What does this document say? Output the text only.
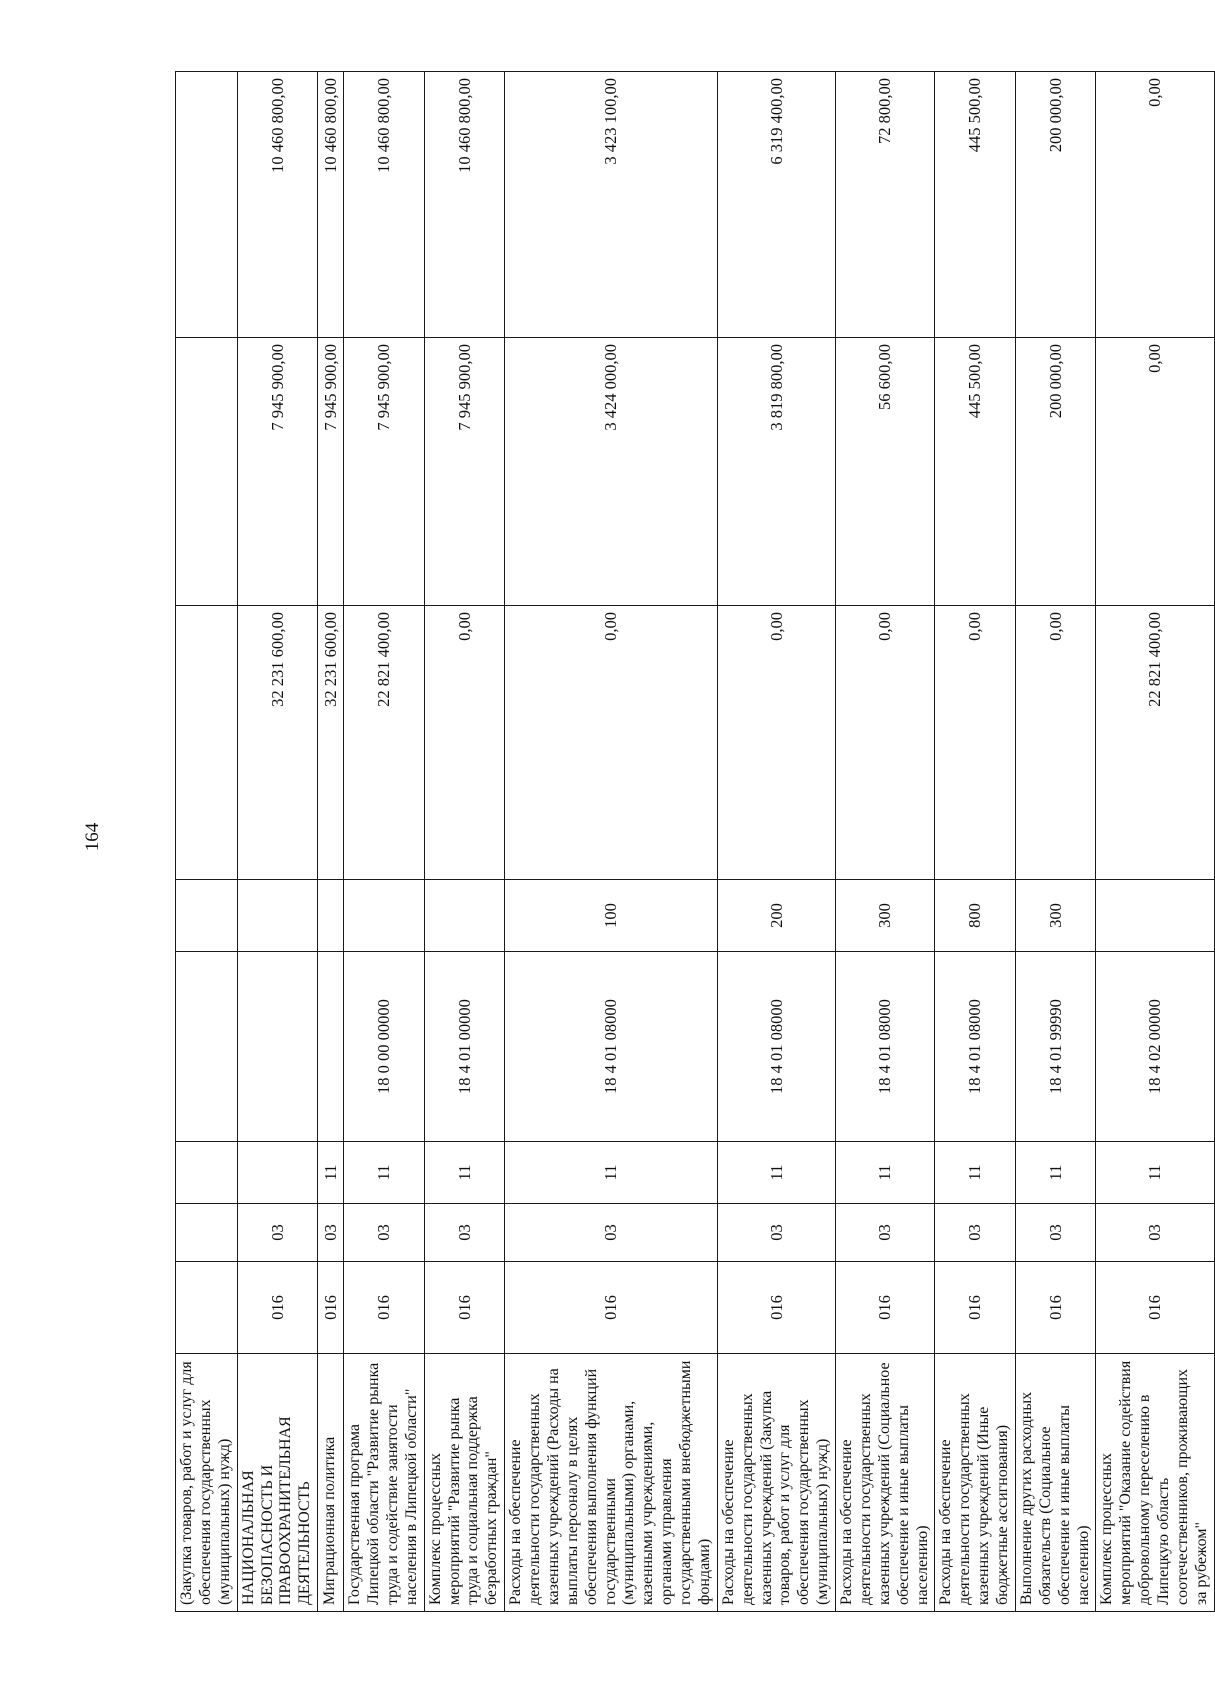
164
(Закупка товаров, работ и услуг для обеспечения государственных (муниципальных) нужд)								
НАЦИОНАЛЬНАЯ БЕЗОПАСНОСТЬ И ПРАВООХРАНИТЕЛЬНАЯ ДЕЯТЕЛЬНОСТЬ	016	03				32 231 600,00	7 945 900,00	10 460 800,00
Миграционная политика	016	03	11			32 231 600,00	7 945 900,00	10 460 800,00
Государственная програма Липецкой области "Развитие рынка труда и содействие занятости населения в Липецкой области"	016	03	11	18 0 00 00000		22 821 400,00	7 945 900,00	10 460 800,00
Комплекс процессных мероприятий "Развитие рынка труда и социальная поддержка безработных граждан"	016	03	11	18 4 01 00000		0,00	7 945 900,00	10 460 800,00
Расходы на обеспечение деятельности государственных казенных учреждений (Расходы на выплаты персоналу в целях обеспечения выполнения функций государственными (муниципальными) органами, казенными учреждениями, органами управления государственными внебюджетными фондами)	016	03	11	18 4 01 08000	100	0,00	3 424 000,00	3 423 100,00
Расходы на обеспечение деятельности государственных казенных учреждений (Закупка товаров, работ и услуг для обеспечения государственных (муниципальных) нужд)	016	03	11	18 4 01 08000	200	0,00	3 819 800,00	6 319 400,00
Расходы на обеспечение деятельности государственных казенных учреждений (Социальное обеспечение и иные выплаты населению)	016	03	11	18 4 01 08000	300	0,00	56 600,00	72 800,00
Расходы на обеспечение деятельности государственных казенных учреждений (Иные бюджетные ассигнования)	016	03	11	18 4 01 08000	800	0,00	445 500,00	445 500,00
Выполнение других расходных обязательств (Социальное обеспечение и иные выплаты населению)	016	03	11	18 4 01 99990	300	0,00	200 000,00	200 000,00
Комплекс процессных мероприятий "Оказание содействия добровольному переселению в Липецкую область соотечественников, проживающих за рубежом"	016	03	11	18 4 02 00000		22 821 400,00	0,00	0,00
